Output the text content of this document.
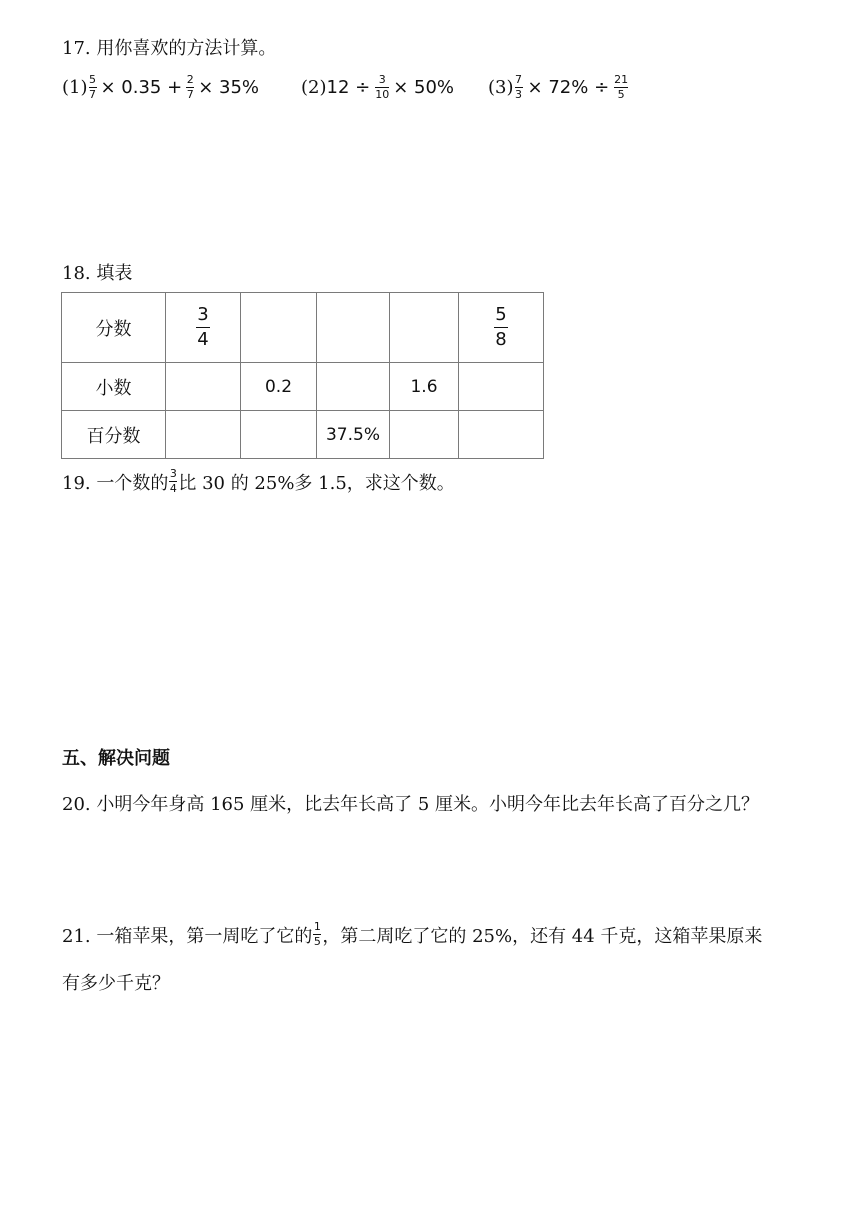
17. 用你喜欢的方法计算。
$(1) \frac{5}{7} \times 0.35 + \frac{2}{7} \times 35\%$ (2) $12 \div \frac{3}{10} \times 50\%$ $(3) \frac{7}{3} \times 72\% \div \frac{21}{5}$
18. 填表
分数	$\frac{3}{4}$				$\frac{5}{8}$

小数		0.2		1.6	
百分数			37.5%		
19. 一个数的 $\frac{3}{4}$ 比 30 的 25%多 1.5，求这个数。
五、解决问题
20. 小明今年身高 165 厘米，比去年长高了 5 厘米。小明今年比去年长高了百分之几？
21. 一箱苹果，第一周吃了它的 $\frac{1}{5}$ ，第二周吃了它的 25%，还有 44 千克，这箱苹果原来
有多少千克？
